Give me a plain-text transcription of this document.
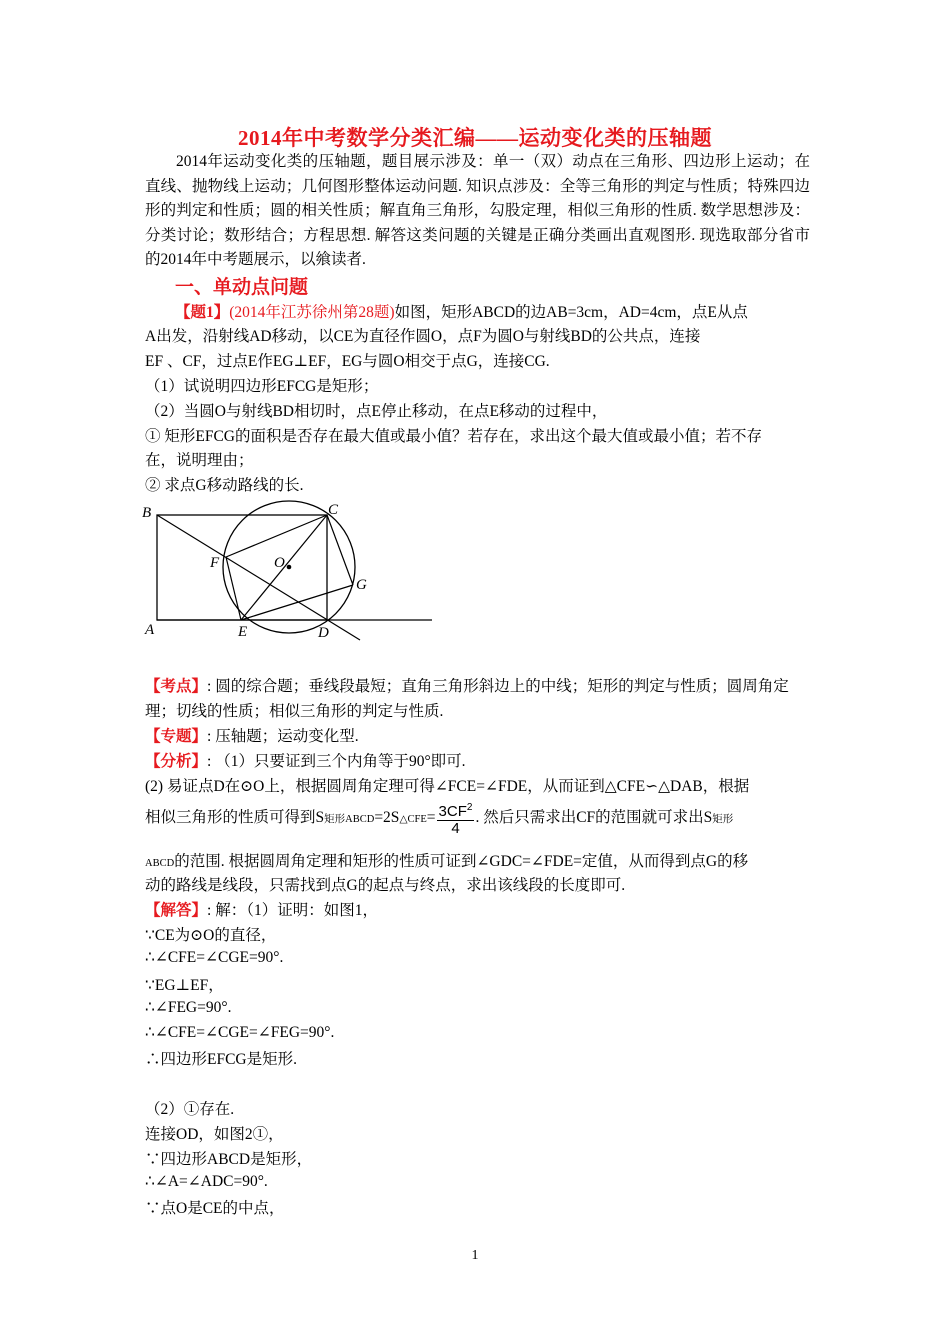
2014年中考数学分类汇编——运动变化类的压轴题
2014年运动变化类的压轴题，题目展示涉及：单一（双）动点在三角形、四边形上运动；在直线、抛物线上运动；几何图形整体运动问题. 知识点涉及：全等三角形的判定与性质；特殊四边形的判定和性质；圆的相关性质；解直角三角形，勾股定理，相似三角形的性质. 数学思想涉及：分类讨论；数形结合；方程思想. 解答这类问题的关键是正确分类画出直观图形. 现选取部分省市的2014年中考题展示，以飨读者.
一、单动点问题
【题1】(2014年江苏徐州第28题)如图，矩形ABCD的边AB=3cm，AD=4cm，点E从点
A出发，沿射线AD移动，以CE为直径作圆O，点F为圆O与射线BD的公共点，连接
EF 、CF，过点E作EG⊥EF，EG与圆O相交于点G，连接CG.
（1）试说明四边形EFCG是矩形；
（2）当圆O与射线BD相切时，点E停止移动，在点E移动的过程中，
① 矩形EFCG的面积是否存在最大值或最小值？若存在，求出这个最大值或最小值；若不存
在，说明理由；
② 求点G移动路线的长.
B	C
F	O
G
A	E	D
【考点】: 圆的综合题；垂线段最短；直角三角形斜边上的中线；矩形的判定与性质；圆周角定
理；切线的性质；相似三角形的判定与性质.
【专题】: 压轴题；运动变化型.
【分析】: （1）只要证到三个内角等于90°即可.
(2) 易证点D在⊙O上，根据圆周角定理可得∠FCE=∠FDE，从而证到△CFE∽△DAB，根据
相似三角形的性质可得到S矩形ABCD=2S△CFE= $\frac{3CF^2}{4}$ . 然后只需求出CF的范围就可求出S矩形
ABCD的范围. 根据圆周角定理和矩形的性质可证到∠GDC=∠FDE=定值，从而得到点G的移
动的路线是线段，只需找到点G的起点与终点，求出该线段的长度即可.
【解答】: 解：（1）证明：如图1，
∵CE为⊙O的直径，
∴∠CFE=∠CGE=90°.
∵EG⊥EF，
∴∠FEG=90°.
∴∠CFE=∠CGE=∠FEG=90°.
∴四边形EFCG是矩形.
（2）①存在.
连接OD，如图2①，
∵四边形ABCD是矩形，
∴∠A=∠ADC=90°.
∵点O是CE的中点，
1
